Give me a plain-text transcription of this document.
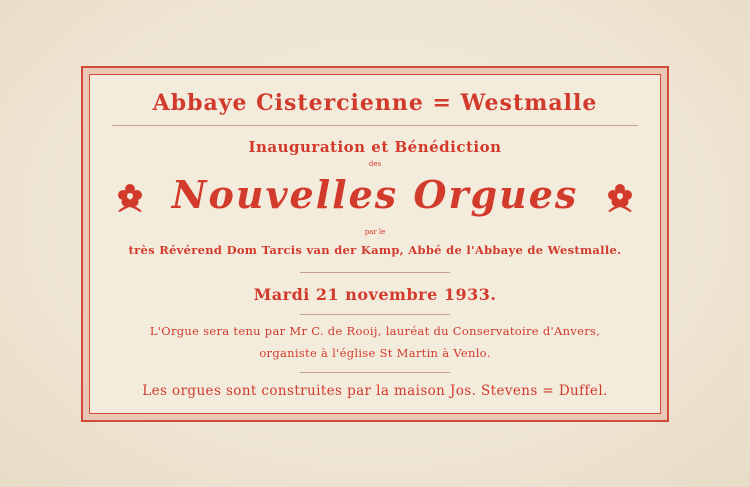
Abbaye Cistercienne = Westmalle
Inauguration et Bénédiction
des
Nouvelles Orgues
par le
très Révérend Dom Tarcis van der Kamp, Abbé de l'Abbaye de Westmalle.
Mardi 21 novembre 1933.
L'Orgue sera tenu par Mr C. de Rooij, lauréat du Conservatoire d'Anvers,
organiste à l'église St Martin à Venlo.
Les orgues sont construites par la maison Jos. Stevens = Duffel.
